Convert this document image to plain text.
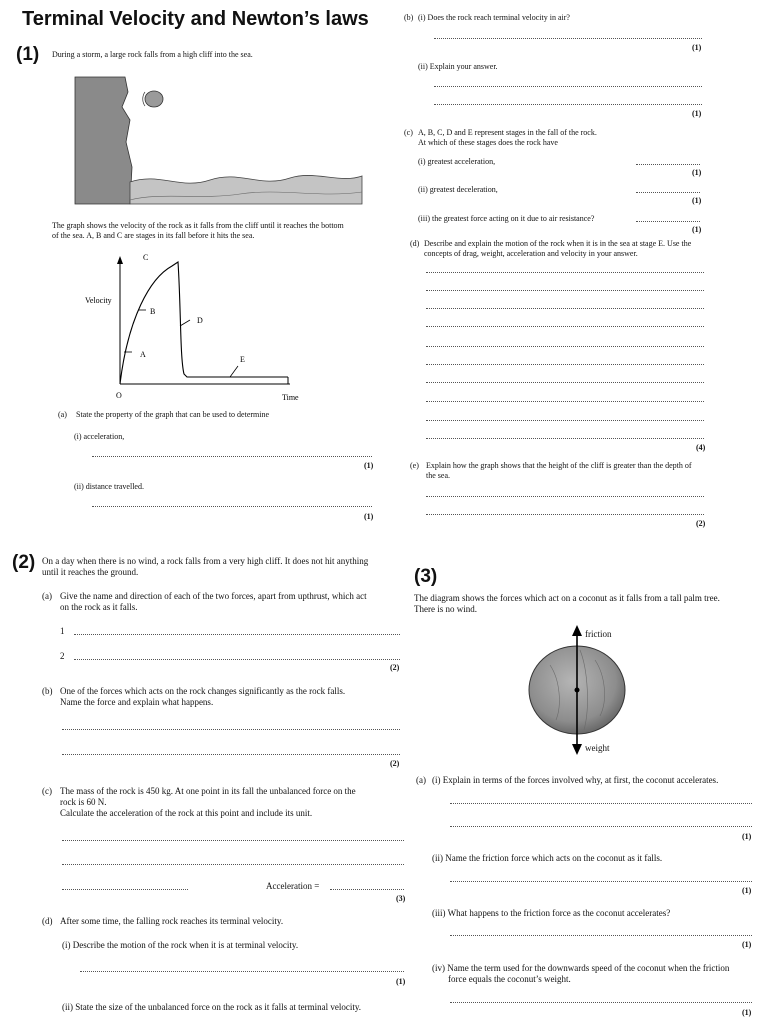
Terminal Velocity and Newton’s laws
(1) During a storm, a large rock falls from a high cliff into the sea.
The graph shows the velocity of the rock as it falls from the cliff until it reaches the bottom
of the sea. A, B and C are stages in its fall before it hits the sea.
Velocity
Time
O
A
B
C
D
E
(a) State the property of the graph that can be used to determine
(i) acceleration,
(1)
(ii) distance travelled.
(1)
(b) (i) Does the rock reach terminal velocity in air?
(1)
(ii) Explain your answer.
(1)
(c) A, B, C, D and E represent stages in the fall of the rock.
At which of these stages does the rock have
(i) greatest acceleration,
(1)
(ii) greatest deceleration,
(1)
(iii) the greatest force acting on it due to air resistance?
(1)
(d) Describe and explain the motion of the rock when it is in the sea at stage E. Use the
concepts of drag, weight, acceleration and velocity in your answer.
(4)
(e) Explain how the graph shows that the height of the cliff is greater than the depth of
the sea.
(2)
(2) On a day when there is no wind, a rock falls from a very high cliff. It does not hit anything
until it reaches the ground.
(a) Give the name and direction of each of the two forces, apart from upthrust, which act
on the rock as it falls.
1
2
(2)
(b) One of the forces which acts on the rock changes significantly as the rock falls.
Name the force and explain what happens.
(2)
(c) The mass of the rock is 450 kg. At one point in its fall the unbalanced force on the
rock is 60 N.
Calculate the acceleration of the rock at this point and include its unit.
Acceleration =
(3)
(d) After some time, the falling rock reaches its terminal velocity.
(i) Describe the motion of the rock when it is at terminal velocity.
(1)
(ii) State the size of the unbalanced force on the rock as it falls at terminal velocity.
(3)
The diagram shows the forces which act on a coconut as it falls from a tall palm tree.
There is no wind.
friction
weight
(a) (i) Explain in terms of the forces involved why, at first, the coconut accelerates.
(1)
(ii) Name the friction force which acts on the coconut as it falls.
(1)
(iii) What happens to the friction force as the coconut accelerates?
(1)
(iv) Name the term used for the downwards speed of the coconut when the friction
force equals the coconut’s weight.
(1)
